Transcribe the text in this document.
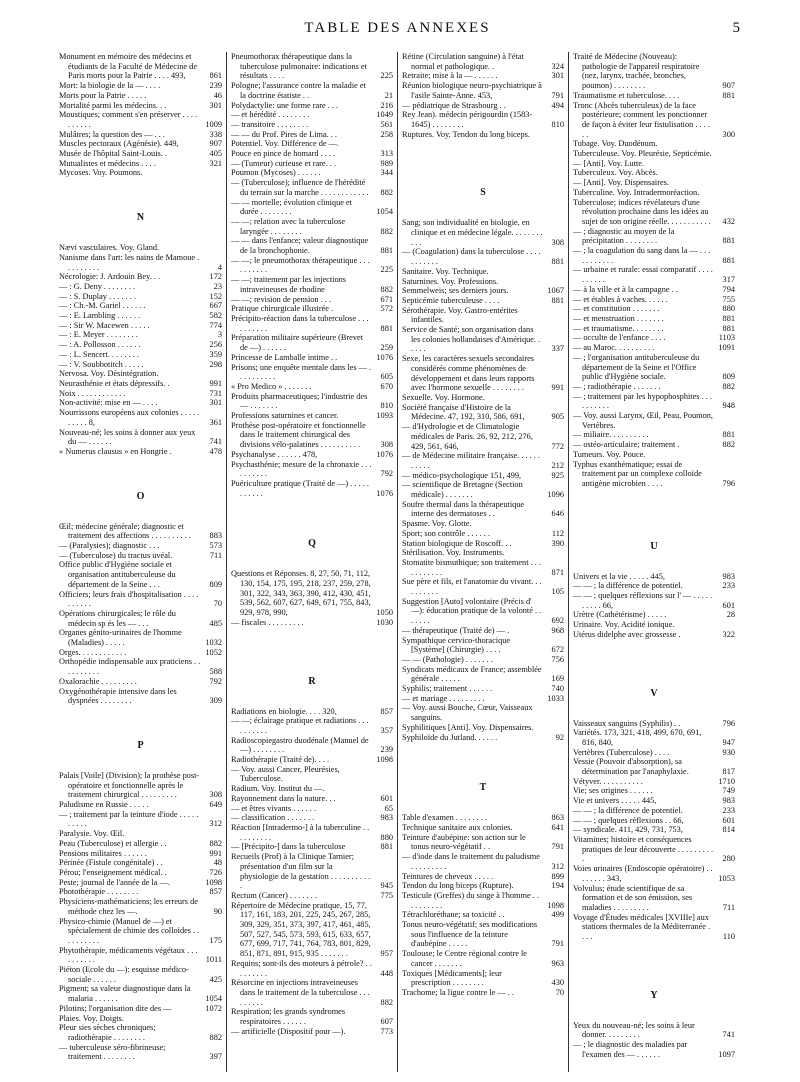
TABLE DES ANNEXES	5
Monument en mémoire des médecins et étudiants de la Faculté de Médecine de Paris morts pour la Patrie . . . . 493,	861
Mort: la biologie de la — . . . .	239
Morts pour la Patrie . . . . .	46
Mortalité parmi les médecins. . .	301
Moustiques; comment s'en préserver . . . . . . . . . .	1009
Mulâtres; la question des — . . .	338
Muscles pectoraux (Agénésie). 449,	907
Musée de l'hôpital Saint-Louis. .	405
Mutualistes et médecins . . . .	321
Mycoses. Voy. Poumons.
N
Nævi vasculaires. Voy. Gland.
Nanisme dans l'art: les nains de Mamoue . . . . . . . . .	4
Nécrologie: J. Ardouin Bey. . .	172
— : G. Deny . . . . . . . .	23
— : S. Duplay . . . . . . .	152
— : Ch.-M. Gariel . . . . . .	667
— : E. Lambling . . . . . .	582
— : Sir W. Macewen . . . . .	774
— : E. Meyer . . . . . . . .	3
— : A. Pollosson . . . . . .	256
— : L. Sencert. . . . . . . .	359
— : V. Soubbotitch . . . . .	298
Nervosa. Voy. Désintégration.
Neurasthénie et états dépressifs. .	991
Noix . . . . . . . . . . . .	731
Non-activité: mise en — . . . .	301
Nourrissons européens aux colonies . . . . . . . . . . 8,	361
Nouveau-né; les soins à donner aux yeux du — . . . . . .	741
« Numerus clausus » en Hongrie .	478
O
Œil; médecine générale; diagnostic et traitement des affections . . . . . . . . . .	883
— (Paralysies); diagnostic . . .	573
— (Tuberculose) du tractus uvéal.	711
Office public d'Hygiène sociale et organisation antituberculeuse du département de la Seine . . .	809
Officiers; leurs frais d'hospitalisation . . . . . . . . . .	70
Opérations chirurgicales; le rôle du médecin sp és les — . . .	485
Organes génito-urinaires de l'homme (Maladies) . . . . .	1032
Orges. . . . . . . . . . . .	1052
Orthopédie indispensable aux praticiens . . . . . . . . . .	588
Oxalorachie . . . . . . . . .	792
Oxygénothérapie intensive dans les dyspnées . . . . . . . .	309
P
Palais [Voile] (Division); la prothèse post-opératoire et fonctionnelle après le traitement chirurgical . . . . . . . . .	308
Paludisme en Russie . . . . .	649
— ; traitement par la teinture d'iode . . . . . . . . . .	312
Paralysie. Voy. Œil.
Peau (Tuberculose) et allergie . .	882
Pensions militaires . . . . . .	991
Périnée (Fistule congénitale) . .	48
Pérou; l'enseignement médical. .	726
Peste; journal de l'année de la —.	1098
Photothérapie . . . . . . . .	857
Physiciens-mathématiciens; les erreurs de méthode chez les —.	90
Physico-chimie (Manuel de —) et spécialement de chimie des colloïdes . . . . . . . . . .	175
Phytothérapie, médicaments végétaux . . . . . . . . . .	1011
Piéton (Ecole du —): esquisse médico-sociale . . . . . .	425
Pigment; sa valeur diagnostique dans la malaria . . . . . .	1054
Pilotins; l'organisation dite des —	1072
Plaies. Voy. Doigts.
Pleur sies sèches chroniques; radiothérapie . . . . . . . .	882
— tuberculeuse séro-fibrineuse; traitement . . . . . . . .	397
Pneumothorax thérapeutique dans la tuberculose pulmonaire: indications et résultats . . . .	225
Pologne; l'assurance contre la maladie et la doctrine étatiste . .	21
Polydactylie: une forme rare . . .	216
— et hérédité . . . . . . . .	1049
— transitoire . . . . . . . .	561
— — du Prof. Pires de Lima. . .	258
Potentiel. Voy. Différence de —.
Pouce en pince de homard . . . .	313
— (Tumeur) curieuse et rare. . .	989
Poumon (Mycoses) . . . . . .	344
— (Tuberculose); influence de l'hérédité du terrain sur la marche . . . . . . . . . . . .	882
— — mortelle; évolution clinique et durée . . . . . . . .	1054
— —; relation avec la tuberculose laryngée . . . . . . . .	882
— — dans l'enfance; valeur diagnostique de la bronchophonie.	881
— —; le pneumothorax thérapeutique . . . . . . . . . .	225
— —; traitement par les injections intraveineuses de rhodine	882
— —; revision de pension . . .	671
Pratique chirurgicale illustrée .	572
Précipito-réaction dans la tuberculose . . . . . . . . . .	881
Préparation militaire supérieure (Brevet de —) . . . . . .	259
Princesse de Lamballe intime . .	1076
Prisons; une enquête mentale dans les — . . . . . . . . . .	605
« Pro Medico » . . . . . . .	670
Produits pharmaceutiques; l'industrie des — . . . . . . .	810
Professions saturnines et cancer.	1093
Prothèse post-opératoire et fonctionnelle dans le traitement chirurgical des divisions vélo-palatines . . . . . . . . . .	308
Psychanalyse . . . . . . 478,	1076
Psychasthénie; mesure de la chronaxie . . . . . . . . . .	792
Puériculture pratique (Traité de —) . . . . . . . . . . .	1076
Q
Questions et Réponses. 8, 27, 50, 71, 112, 130, 154, 175, 195, 218, 237, 259, 278, 301, 322, 343, 363, 390, 412, 430, 451, 539, 562, 607, 627, 649, 671, 755, 843, 929, 978, 990,	1050
— fiscales . . . . . . . . .	1030
R
Radiations en biologie. . . . 320,	857
— —; éclairage pratique et radiations . . . . . . . . . .	357
Radioscopiegastro duodénale (Manuel de —) . . . . . . . .	239
Radiothérapie (Traité de). . . .	1098
— Voy. aussi Cancer, Pleurésies, Tuberculose.
Radium. Voy. Institut du —.
Rayonnement dans la nature. . .	601
— et êtres vivants . . . . . .	65
— classification . . . . . . .	983
Réaction [Intradermo-] à la tuberculine . . . . . . . . . .	880
— [Précipito-] dans la tuberculose	881
Recueils (Prof) à la Clinique Tarnier; présentation d'un film sur la physiologie de la gestation . . . . . . . . . . .	945
Rectum (Cancer) . . . . . . .	775
Répertoire de Médecine pratique, 15, 77, 117, 161, 183, 201, 225, 245, 267, 285, 309, 329, 351, 373, 397, 417, 461, 485, 507, 527, 545, 573, 593, 615, 633, 657, 677, 699, 717, 741, 764, 783, 801, 829, 851, 871, 891, 915, 935 . . . . . . .	957
Requins; sont-ils des moteurs à pétrole? . . . . . . . . .	448
Résorcine en injections intraveineuses dans le traitement de la tuberculose . . . . . . . . .	882
Respiration; les grands syndromes respiratoires . . . . . .	607
— artificielle (Dispositif pour —).	773
Rétine (Circulation sanguine) à l'état normal et pathologique. .	324
Retraite; mise à la — . . . . . .	301
Réunion biologique neuro-psychiatrique à l'asile Sainte-Anne. 453,	791
— pédiatrique de Strasbourg . .	494
Rey Jean). médecin périgourdin (1583-1645) . . . . . . . .	810
Ruptures. Voy. Tendon du long biceps.
S
Sang; son individualité en biologie, en clinique et en médecine légale. . . . . . . . . . .	308
— (Coagulation) dans la tuberculose . . . . . . . . . . .	881
Sanitaire. Voy. Technique.
Saturnines. Voy. Professions.
Semmelweis; ses derniers jours.	1067
Septicémie tuberculeuse . . . .	881
Sérothérapie. Voy. Gastro-entérites infantiles.
Service de Santé; son organisation dans les colonies hollandaises d'Amérique. . . . . .	337
Sexe, les caractères sexuels secondaires considérés comme phénomènes de développement et dans leurs rapports avec l'hormone sexuelle . . . . . . . .	991
Sexuelle. Voy. Hormone.
Société française d'Histoire de la Médecine. 47, 192, 310, 586, 691,	905
— d'Hydrologie et de Climatologie médicales de Paris. 26, 92, 212, 276, 429, 561, 646,	772
— de Médecine militaire française. . . . . . . . . . .	212
— médico-psychologique 151, 499,	925
— scientifique de Bretagne (Section médicale) . . . . . . .	1096
Soufre thermal dans la thérapeutique interne des dermatoses . .	646
Spasme. Voy. Glotte.
Sport; son contrôle . . . . . .	112
Station biologique de Roscoff. . .	390
Stérilisation. Voy. Instruments.
Stomatite bismuthique; son traitement . . . . . . . . . . .	871
Sue père et fils, et l'anatomie du vivant. . . . . . . . . .	105
Suggestion [Auto] volontaire (Précis d' —): éducation pratique de la volonté . . . . . . .	692
— thérapeutique (Traité de) — .	968
Sympathique cervico-thoracique [Système] (Chirurgie) . . . .	672
— — (Pathologie) . . . . . . .	756
Syndicats médicaux de France; assemblée générale . . . . .	169
Syphilis; traitement . . . . . .	740
— et mariage . . . . . . . . .	1033
— Voy. aussi Bouche, Cœur, Vaisseaux sanguins.
Syphilitiques [Anti]. Voy. Dispensaires.
Syphiloïde du Jutland. . . . . .	92
T
Table d'examen . . . . . . . .	863
Technique sanitaire aux colonies.	641
Teinture d'aubépine: son action sur le tonus neuro-végétatif . .	791
— d'iode dans le traitement du paludisme . . . . . . . . .	312
Teintures de cheveux . . . . .	899
Tendon du long biceps (Rupture).	194
Testicule (Greffes) du singe à l'homme . . . . . . . . . .	1098
Tétrachloréthane; sa toxicité . .	499
Tonus neuro-végétatif; ses modifications sous l'influence de la teinture d'aubépine . . . . .	791
Toulouse; le Centre régional contre le cancer . . . . . . .	963
Toxiques [Médicaments]; leur prescription . . . . . . . .	430
Trachome; la ligue contre le — . .	70
Traité de Médecine (Nouveau): pathologie de l'appareil respiratoire (nez, larynx, trachée, bronches, poumon) . . . . . . . .	907
Traumatisme et tuberculose. . . .	881
Tronc (Abcès tuberculeux) de la face postérieure; comment les ponctionner de façon à éviter leur fistulisation . . . . . .	300
Tubage. Voy. Duodénum.
Tuberculeuse. Voy. Pleurésie, Septicémie.
— [Anti]. Voy. Lutte.
Tuberculeux. Voy. Abcès.
— [Anti]. Voy. Dispensaires.
Tuberculine. Voy. Intradermoréaction.
Tuberculose; indices révélateurs d'une révolution prochaine dans les idées au sujet de son origine réelle. . . . . . . . . . .	432
— ; diagnostic au moyen de la précipitation . . . . . . . .	881
— ; la coagulation du sang dans la — . . . . . . . . . . .	881
— urbaine et rurale: essai comparatif . . . . . . . . . .	317
— à la ville et à la campagne . .	794
— et étables à vaches. . . . . .	755
— et constitution . . . . . . .	880
— et menstruation . . . . . . .	881
— et traumatisme. . . . . . . .	881
— occulte de l'enfance . . . .	1103
— au Maroc. . . . . . . . . .	1091
— ; l'organisation antituberculeuse du département de la Seine et l'Office public d'Hygiène sociale.	809
— ; radiothérapie . . . . . . .	882
— ; traitement par les hypophosphites . . . . . . . . . .	948
— Voy. aussi Larynx, Œil, Peau, Poumon, Vertèbres.
— miliaire. . . . . . . . . .	881
— ostéo-articulaire; traitement .	882
Tumeurs. Voy. Pouce.
Typhus exanthématique; essai de traitement par un complexe colloïde antigène microbien . . . .	796
U
Univers et la vie . . . . . 445,	983
— — ; la différence de potentiel.	233
— — ; quelques réflexions sur l' — . . . . . . . . . . 66,	601
Urètre (Cathétérisme) . . . . .	28
Urinaire. Voy. Acidité ionique.
Utérus didelphe avec grossesse .	322
V
Vaisseaux sanguins (Syphilis) . .	796
Variétés. 173, 321, 418, 499, 670, 691, 816, 840,	947
Vertèbres (Tuberculose) . . . .	930
Vessie (Pouvoir d'absorption), sa détermination par l'anaphylaxie.	817
Vétyver. . . . . . . . . . .	1710
Vie; ses origines . . . . . .	749
Vie et univers . . . . . 445,	983
— — ; la différence de potentiel.	233
— — ; quelques réflexions . . 66,	601
— syndicale. 411, 429, 731, 753,	814
Vitamines; histoire et conséquences pratiques de leur découverte . . . . . . . . . .	280
Voies urinaires (Endoscopie opératoire) . . . . . . . . 343,	1053
Volvulus; étude scientifique de sa formation et de son émission, ses maladies . . . . . . . . .	711
Voyage d'Études médicales [XVIIIe] aux stations thermales de la Méditerranée . . . .	110
Y
Yeux du nouveau-né; les soins à leur donner. . . . . . . . .	741
— ; le diagnostic des maladies par l'examen des — . . . . . .	1097
